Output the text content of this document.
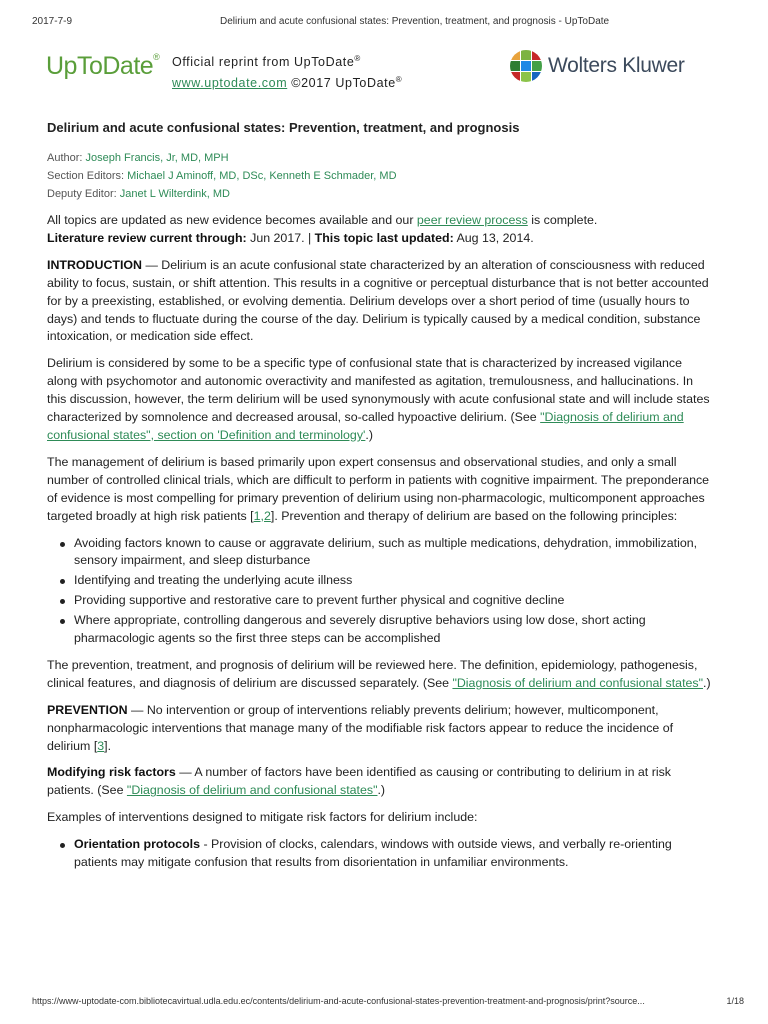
2017-7-9	Delirium and acute confusional states: Prevention, treatment, and prognosis - UpToDate
UpToDate® Official reprint from UpToDate®
www.uptodate.com ©2017 UpToDate®
Wolters Kluwer
Delirium and acute confusional states: Prevention, treatment, and prognosis
Author: Joseph Francis, Jr, MD, MPH
Section Editors: Michael J Aminoff, MD, DSc, Kenneth E Schmader, MD
Deputy Editor: Janet L Wilterdink, MD

All topics are updated as new evidence becomes available and our peer review process is complete.
Literature review current through: Jun 2017. | This topic last updated: Aug 13, 2014.

INTRODUCTION — Delirium is an acute confusional state characterized by an alteration of consciousness with reduced ability to focus, sustain, or shift attention. This results in a cognitive or perceptual disturbance that is not better accounted for by a preexisting, established, or evolving dementia. Delirium develops over a short period of time (usually hours to days) and tends to fluctuate during the course of the day. Delirium is typically caused by a medical condition, substance intoxication, or medication side effect.

Delirium is considered by some to be a specific type of confusional state that is characterized by increased vigilance along with psychomotor and autonomic overactivity and manifested as agitation, tremulousness, and hallucinations. In this discussion, however, the term delirium will be used synonymously with acute confusional state and will include states characterized by somnolence and decreased arousal, so-called hypoactive delirium. (See "Diagnosis of delirium and confusional states", section on 'Definition and terminology'.)

The management of delirium is based primarily upon expert consensus and observational studies, and only a small number of controlled clinical trials, which are difficult to perform in patients with cognitive impairment. The preponderance of evidence is most compelling for primary prevention of delirium using non-pharmacologic, multicomponent approaches targeted broadly at high risk patients [1,2]. Prevention and therapy of delirium are based on the following principles:

Avoiding factors known to cause or aggravate delirium, such as multiple medications, dehydration, immobilization, sensory impairment, and sleep disturbance
Identifying and treating the underlying acute illness
Providing supportive and restorative care to prevent further physical and cognitive decline
Where appropriate, controlling dangerous and severely disruptive behaviors using low dose, short acting pharmacologic agents so the first three steps can be accomplished

The prevention, treatment, and prognosis of delirium will be reviewed here. The definition, epidemiology, pathogenesis, clinical features, and diagnosis of delirium are discussed separately. (See "Diagnosis of delirium and confusional states".)

PREVENTION — No intervention or group of interventions reliably prevents delirium; however, multicomponent, nonpharmacologic interventions that manage many of the modifiable risk factors appear to reduce the incidence of delirium [3].

Modifying risk factors — A number of factors have been identified as causing or contributing to delirium in at risk patients. (See "Diagnosis of delirium and confusional states".)

Examples of interventions designed to mitigate risk factors for delirium include:

Orientation protocols - Provision of clocks, calendars, windows with outside views, and verbally re-orienting patients may mitigate confusion that results from disorientation in unfamiliar environments.
https://www-uptodate-com.bibliotecavirtual.udla.edu.ec/contents/delirium-and-acute-confusional-states-prevention-treatment-and-prognosis/print?source...	1/18
